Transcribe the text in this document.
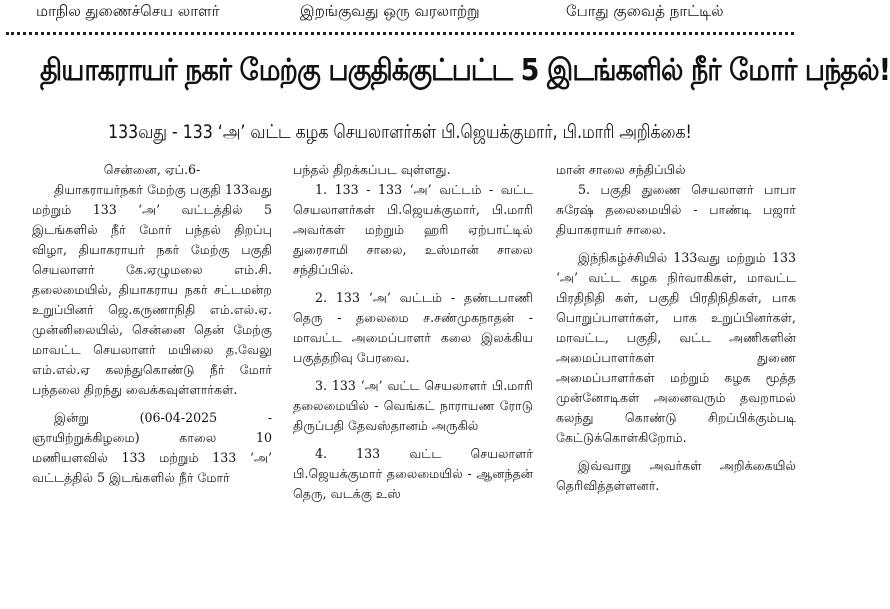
மாநில துணைச்செய லாளர்	இறங்குவது ஒரு வரலாற்று	போது குவைத் நாட்டில்
தியாகராயர் நகர் மேற்கு பகுதிக்குட்பட்ட 5 இடங்களில் நீர் மோர் பந்தல்!
133வது - 133 ‘அ’ வட்ட கழக செயலாளர்கள் பி.ஜெயக்குமார், பி.மாரி அறிக்கை!

சென்னை, ஏப்.6-

தியாகராயர்நகர் மேற்கு பகுதி 133வது மற்றும் 133 ‘அ’ வட்டத்தில் 5 இடங்களில் நீர் மோர் பந்தல் திறப்பு விழா, தியாகராயர் நகர் மேற்கு பகுதி செயலாளர் கே.ஏழுமலை எம்.சி. தலைமையில், தியாகராய நகர் சட்டமன்ற உறுப்பினர் ஜெ.கருணாநிதி எம்.எல்.ஏ. முன்னிலையில், சென்னை தென் மேற்கு மாவட்ட செயலாளர் மயிலை த.வேலு எம்.எல்.ஏ கலந்துகொண்டு நீர் மோர் பந்தலை திறந்து வைக்கவுள்ளார்கள்.

இன்று (06-04-2025 - ஞாயிற்றுக்கிழமை) காலை 10 மணியளவில் 133 மற்றும் 133 ‘அ’ வட்டத்தில் 5 இடங்களில் நீர் மோர்

பந்தல் திறக்கப்பட வுள்ளது.

1. 133 - 133 ‘அ’ வட்டம் - வட்ட செயலாளர்கள் பி.ஜெயக்குமார், பி.மாரி அவர்கள் மற்றும் ஹரி ஏற்பாட்டில் துரைசாமி சாலை, உஸ்மான் சாலை சந்திப்பில்.

2. 133 ‘அ’ வட்டம் - தண்டபாணி தெரு - தலைமை ச.சண்முகநாதன் - மாவட்ட அமைப்பாளர் கலை இலக்கிய பகுத்தறிவு பேரவை.

3. 133 ‘அ’ வட்ட செயலாளர் பி.மாரி தலைமையில் - வெங்கட் நாராயண ரோடு திருப்பதி தேவஸ்தானம் அருகில்

4. 133 வட்ட செயலாளர் பி.ஜெயக்குமார் தலைமையில் - ஆனந்தன் தெரு, வடக்கு உஸ்

மான் சாலை சந்திப்பில்

5. பகுதி துணை செயலாளர் பாபா சுரேஷ் தலைமையில் - பாண்டி பஜார் தியாகராயர் சாலை.

இந்நிகழ்ச்சியில் 133வது மற்றும் 133 ‘அ’ வட்ட கழக நிர்வாகிகள், மாவட்ட பிரதிநிதி கள், பகுதி பிரதிநிதிகள், பாக பொறுப்பாளர்கள், பாக உறுப்பினர்கள், மாவட்ட, பகுதி, வட்ட அணிகளின் அமைப்பாளர்கள் துணை அமைப்பாளர்கள் மற்றும் கழக மூத்த முன்னோடிகள் அனைவரும் தவறாமல் கலந்து கொண்டு சிறப்பிக்கும்படி கேட்டுக்கொள்கிறோம்.

இவ்வாறு அவர்கள் அறிக்கையில் தெரிவித்தள்ளனர்.
